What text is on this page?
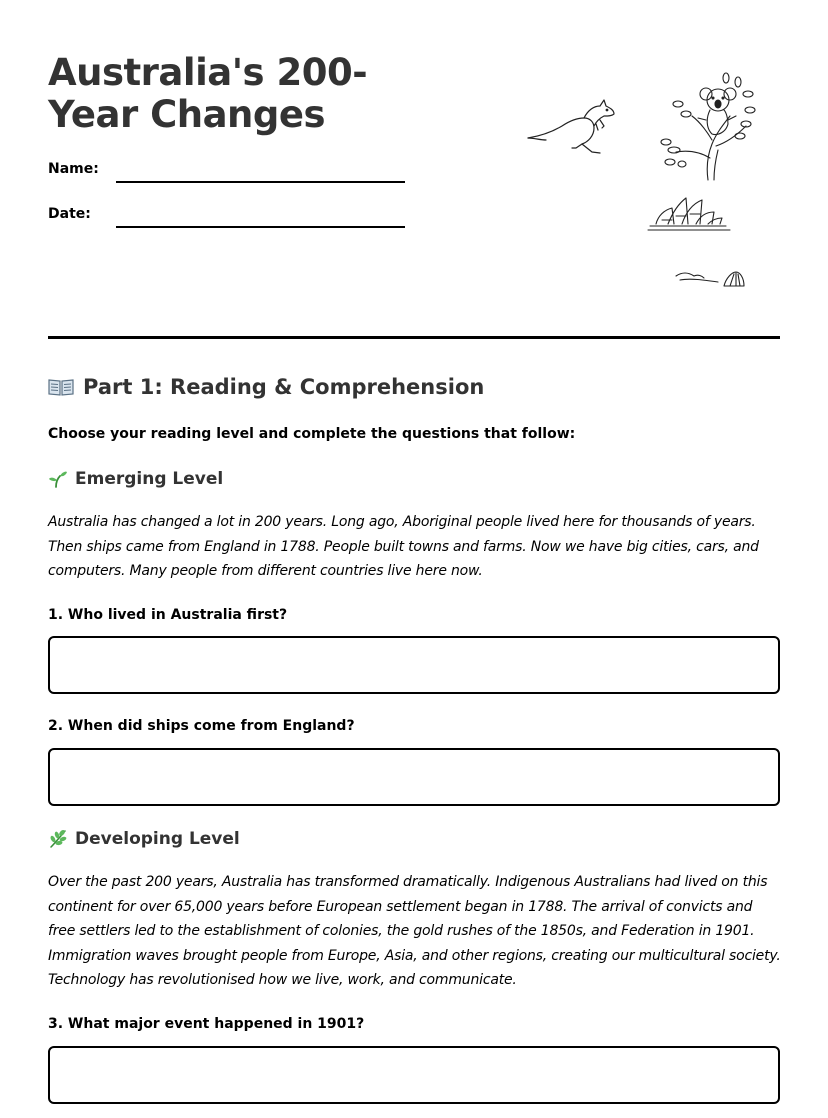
Australia's 200-Year Changes
Name:
Date:
Part 1: Reading & Comprehension
Choose your reading level and complete the questions that follow:
Emerging Level
Australia has changed a lot in 200 years. Long ago, Aboriginal people lived here for thousands of years. Then ships came from England in 1788. People built towns and farms. Now we have big cities, cars, and computers. Many people from different countries live here now.
1. Who lived in Australia first?
2. When did ships come from England?
Developing Level
Over the past 200 years, Australia has transformed dramatically. Indigenous Australians had lived on this continent for over 65,000 years before European settlement began in 1788. The arrival of convicts and free settlers led to the establishment of colonies, the gold rushes of the 1850s, and Federation in 1901. Immigration waves brought people from Europe, Asia, and other regions, creating our multicultural society. Technology has revolutionised how we live, work, and communicate.
3. What major event happened in 1901?
